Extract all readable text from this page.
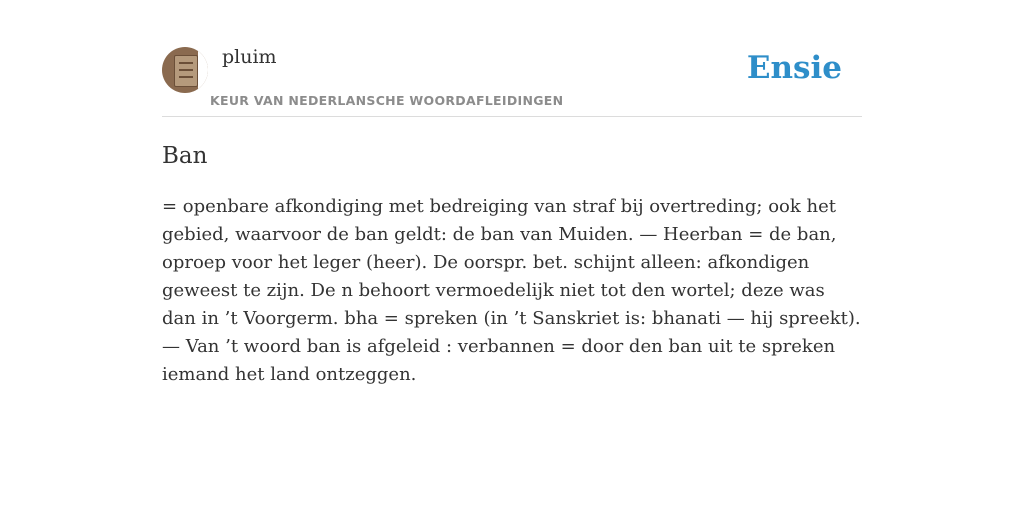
pluim
KEUR VAN NEDERLANSCHE WOORDAFLEIDINGEN
Ensie
Ban

= openbare afkondiging met bedreiging van straf bij overtreding; ook het gebied, waarvoor de ban geldt: de ban van Muiden. — Heerban = de ban, oproep voor het leger (heer). De oorspr. bet. schijnt alleen: afkondigen geweest te zijn. De n behoort vermoedelijk niet tot den wortel; deze was dan in ’t Voorgerm. bha = spreken (in ’t Sanskriet is: bhanati — hij spreekt). — Van ’t woord ban is afgeleid : verbannen = door den ban uit te spreken iemand het land ontzeggen.
